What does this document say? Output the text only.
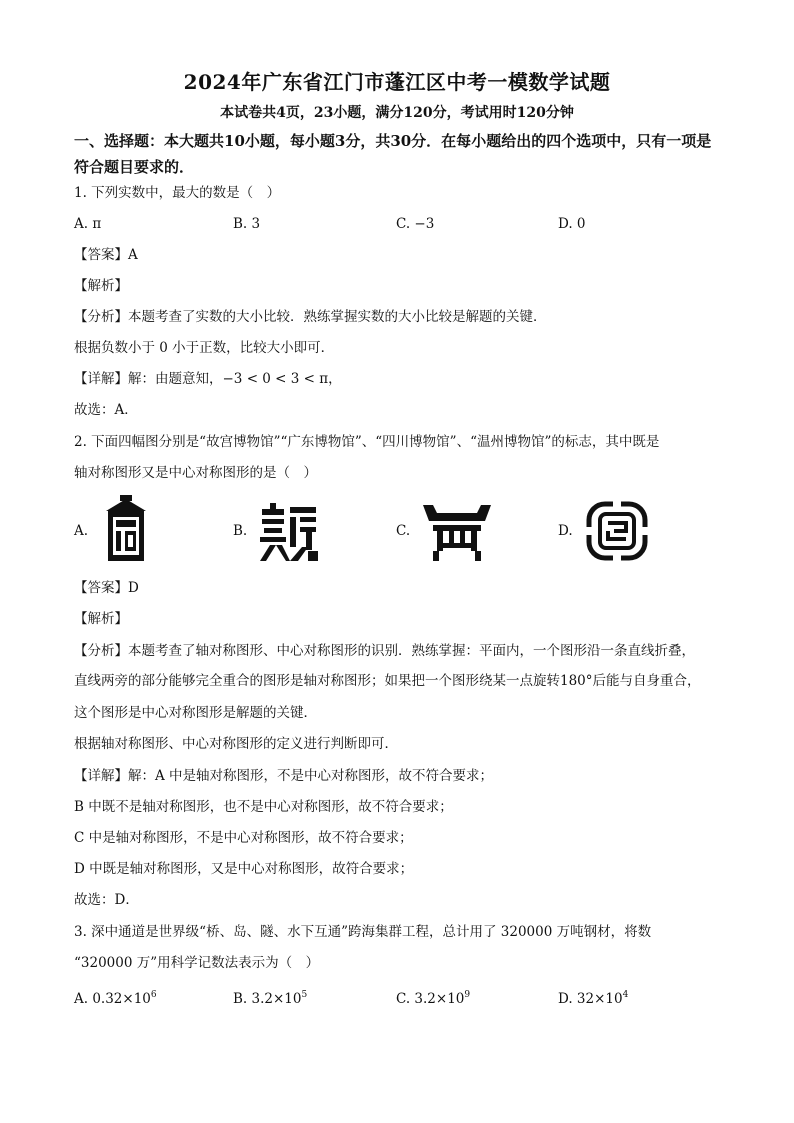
2024年广东省江门市蓬江区中考一模数学试题
本试卷共4页，23小题，满分120分，考试用时120分钟
一、选择题：本大题共10小题，每小题3分，共30分．在每小题给出的四个选项中，只有一项是符合题目要求的．
1. 下列实数中，最大的数是（　）
A. π	B. 3	C. −3	D. 0
【答案】A
【解析】
【分析】本题考查了实数的大小比较．熟练掌握实数的大小比较是解题的关键．
根据负数小于 0 小于正数，比较大小即可．
【详解】解：由题意知，−3 < 0 < 3 < π，
故选：A．
2. 下面四幅图分别是“故宫博物馆”“广东博物馆”、“四川博物馆”、“温州博物馆”的标志，其中既是
轴对称图形又是中心对称图形的是（　）
A.	B.	C.	D.
【答案】D
【解析】
【分析】本题考查了轴对称图形、中心对称图形的识别．熟练掌握：平面内，一个图形沿一条直线折叠，
直线两旁的部分能够完全重合的图形是轴对称图形；如果把一个图形绕某一点旋转180°后能与自身重合，
这个图形是中心对称图形是解题的关键．
根据轴对称图形、中心对称图形的定义进行判断即可．
【详解】解：A 中是轴对称图形，不是中心对称图形，故不符合要求；
B 中既不是轴对称图形，也不是中心对称图形，故不符合要求；
C 中是轴对称图形，不是中心对称图形，故不符合要求；
D 中既是轴对称图形，又是中心对称图形，故符合要求；
故选：D．
3. 深中通道是世界级“桥、岛、隧、水下互通”跨海集群工程，总计用了 320000 万吨钢材，将数
“320000 万”用科学记数法表示为（　）
A. $0.32\times 10^6$	B. $3.2\times 10^5$	C. $3.2\times 10^9$	D. $32\times 10^4$
